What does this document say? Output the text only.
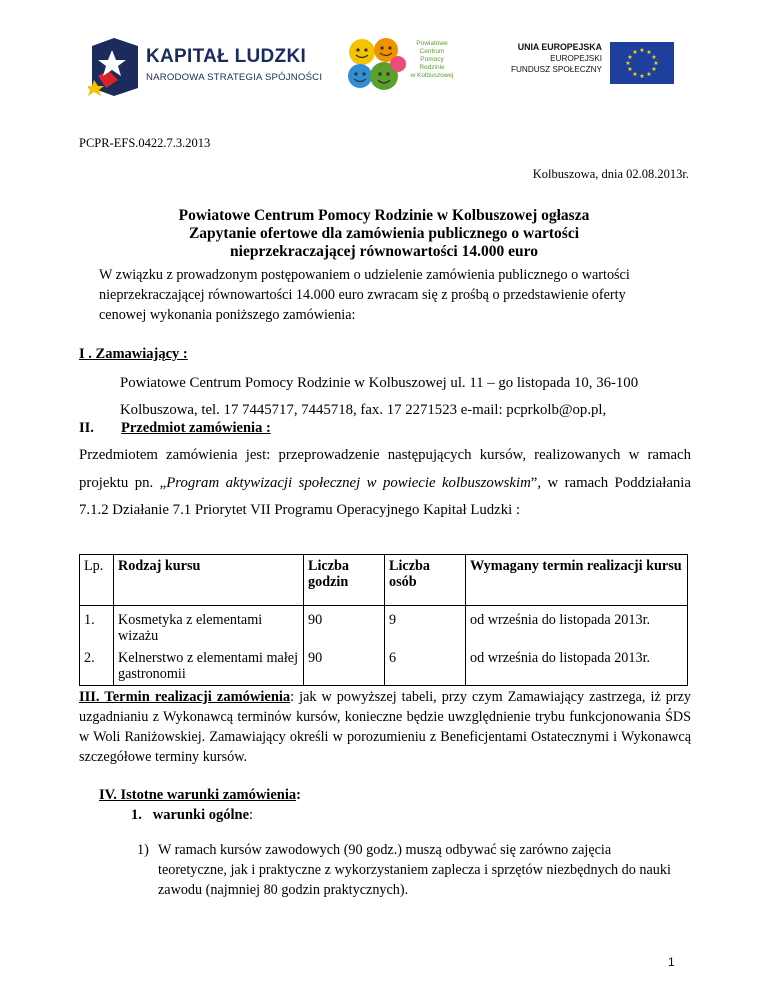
KAPITAŁ LUDZKI
NARODOWA STRATEGIA SPÓJNOŚCI
Powiatowe
Centrum
Pomocy
Rodzinie
w Kolbuszowej
UNIA EUROPEJSKA
EUROPEJSKI
FUNDUSZ SPOŁECZNY
★ ★
★
★
★
★
★
★
★
★
★
★
PCPR-EFS.0422.7.3.2013
Kolbuszowa, dnia 02.08.2013r.
Powiatowe Centrum Pomocy Rodzinie w Kolbuszowej ogłasza
Zapytanie ofertowe dla zamówienia publicznego o wartości
nieprzekraczającej równowartości 14.000 euro
W związku z prowadzonym postępowaniem o udzielenie zamówienia publicznego o wartości nieprzekraczającej równowartości 14.000 euro zwracam się z prośbą o przedstawienie oferty cenowej wykonania poniższego zamówienia:
I . Zamawiający :
Powiatowe Centrum Pomocy Rodzinie w Kolbuszowej ul. 11 – go listopada 10, 36-100
Kolbuszowa, tel. 17 7445717, 7445718, fax. 17 2271523 e-mail: pcprkolb@op.pl,
II. Przedmiot zamówienia :
Przedmiotem zamówienia jest: przeprowadzenie następujących kursów, realizowanych w ramach projektu pn. „Program aktywizacji społecznej w powiecie kolbuszowskim”, w ramach Poddziałania 7.1.2 Działanie 7.1 Priorytet VII Programu Operacyjnego Kapitał Ludzki :
Lp.	Rodzaj kursu	Liczba godzin	Liczba osób	Wymagany termin realizacji kursu
1.	Kosmetyka z elementami wizażu	90	9	od września do listopada 2013r.
2.	Kelnerstwo z elementami małej gastronomii	90	6	od września do listopada 2013r.
III. Termin realizacji zamówienia: jak w powyższej tabeli, przy czym Zamawiający zastrzega, iż przy uzgadnianiu z Wykonawcą terminów kursów, konieczne będzie uwzględnienie trybu funkcjonowania ŚDS w Woli Raniżowskiej. Zamawiający określi w porozumieniu z Beneficjentami Ostatecznymi i Wykonawcą szczegółowe terminy kursów.
IV. Istotne warunki zamówienia:
1. warunki ogólne:
1) W ramach kursów zawodowych (90 godz.) muszą odbywać się zarówno zajęcia teoretyczne, jak i praktyczne z wykorzystaniem zaplecza i sprzętów niezbędnych do nauki zawodu (najmniej 80 godzin praktycznych).
1
